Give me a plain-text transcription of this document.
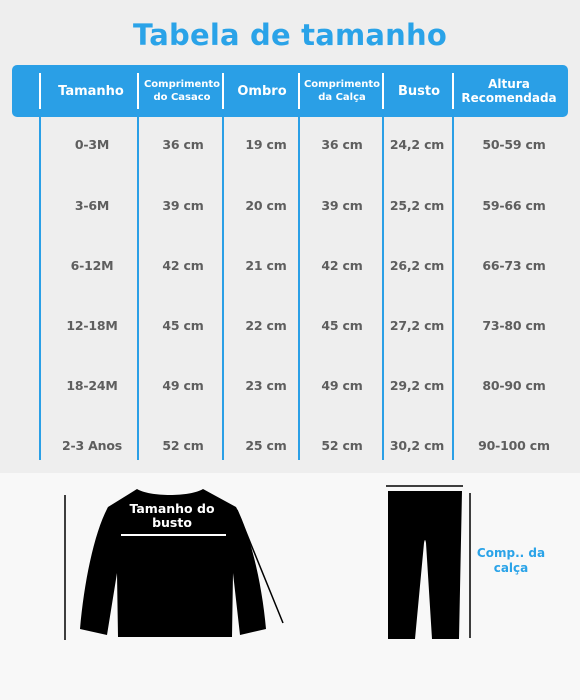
Tabela de tamanho
Tamanho	Comprimento do Casaco	Ombro	Comprimento da Calça	Busto	Altura Recomendada
0-3M	36 cm	19 cm	36 cm	24,2 cm	50-59 cm
3-6M	39 cm	20 cm	39 cm	25,2 cm	59-66 cm
6-12M	42 cm	21 cm	42 cm	26,2 cm	66-73 cm
12-18M	45 cm	22 cm	45 cm	27,2 cm	73-80 cm
18-24M	49 cm	23 cm	49 cm	29,2 cm	80-90 cm
2-3 Anos	52 cm	25 cm	52 cm	30,2 cm	90-100 cm
Tamanho do busto
Comp.. da calça
